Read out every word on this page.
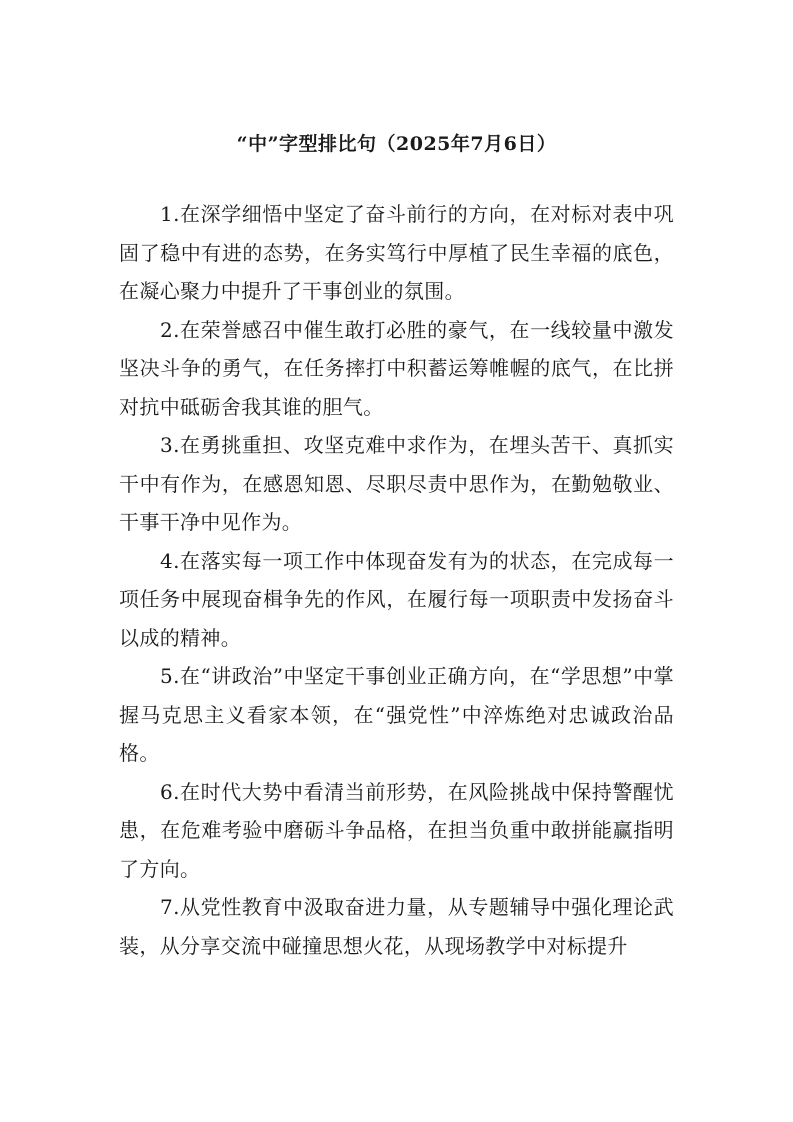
“中”字型排比句（2025年7月6日）

1.在深学细悟中坚定了奋斗前行的方向，在对标对表中巩固了稳中有进的态势，在务实笃行中厚植了民生幸福的底色，在凝心聚力中提升了干事创业的氛围。

2.在荣誉感召中催生敢打必胜的豪气，在一线较量中激发坚决斗争的勇气，在任务摔打中积蓄运筹帷幄的底气，在比拼对抗中砥砺舍我其谁的胆气。

3.在勇挑重担、攻坚克难中求作为，在埋头苦干、真抓实干中有作为，在感恩知恩、尽职尽责中思作为，在勤勉敬业、干事干净中见作为。

4.在落实每一项工作中体现奋发有为的状态，在完成每一项任务中展现奋楫争先的作风，在履行每一项职责中发扬奋斗以成的精神。

5.在“讲政治”中坚定干事创业正确方向，在“学思想”中掌握马克思主义看家本领，在“强党性”中淬炼绝对忠诚政治品格。

6.在时代大势中看清当前形势，在风险挑战中保持警醒忧患，在危难考验中磨砺斗争品格，在担当负重中敢拼能赢指明了方向。

7.从党性教育中汲取奋进力量，从专题辅导中强化理论武装，从分享交流中碰撞思想火花，从现场教学中对标提升
